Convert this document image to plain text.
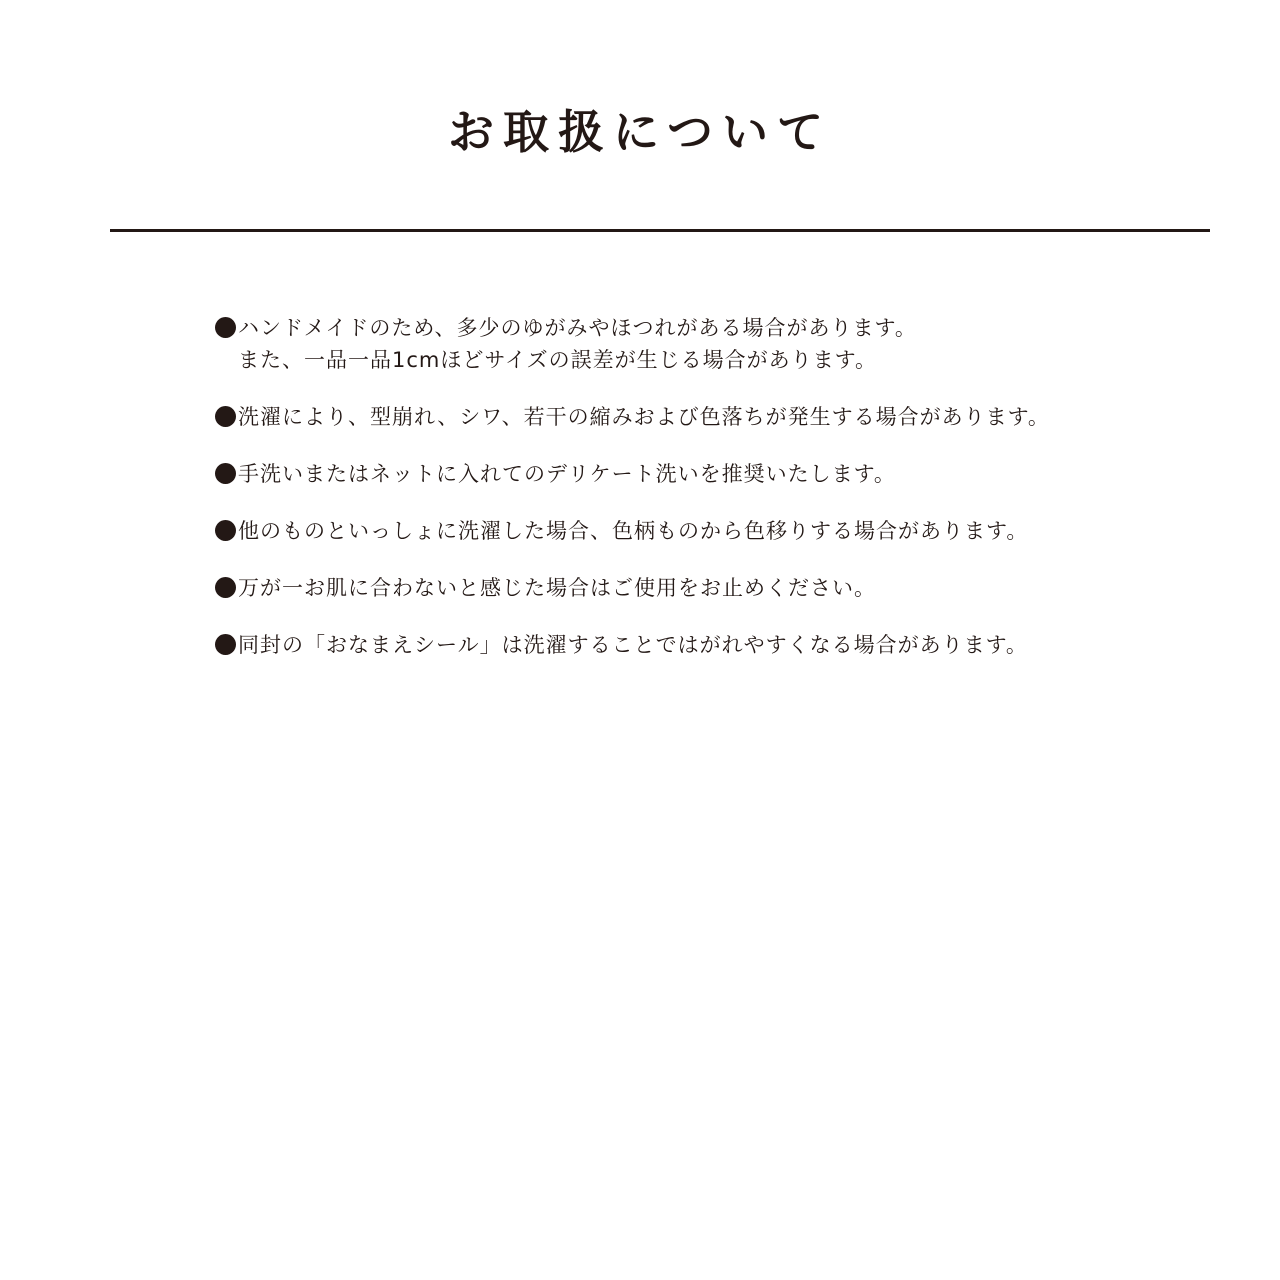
お取扱について
ハンドメイドのため、多少のゆがみやほつれがある場合があります。
また、一品一品1cmほどサイズの誤差が生じる場合があります。
洗濯により、型崩れ、シワ、若干の縮みおよび色落ちが発生する場合があります。
手洗いまたはネットに入れてのデリケート洗いを推奨いたします。
他のものといっしょに洗濯した場合、色柄ものから色移りする場合があります。
万が一お肌に合わないと感じた場合はご使用をお止めください。
同封の「おなまえシール」は洗濯することではがれやすくなる場合があります。
